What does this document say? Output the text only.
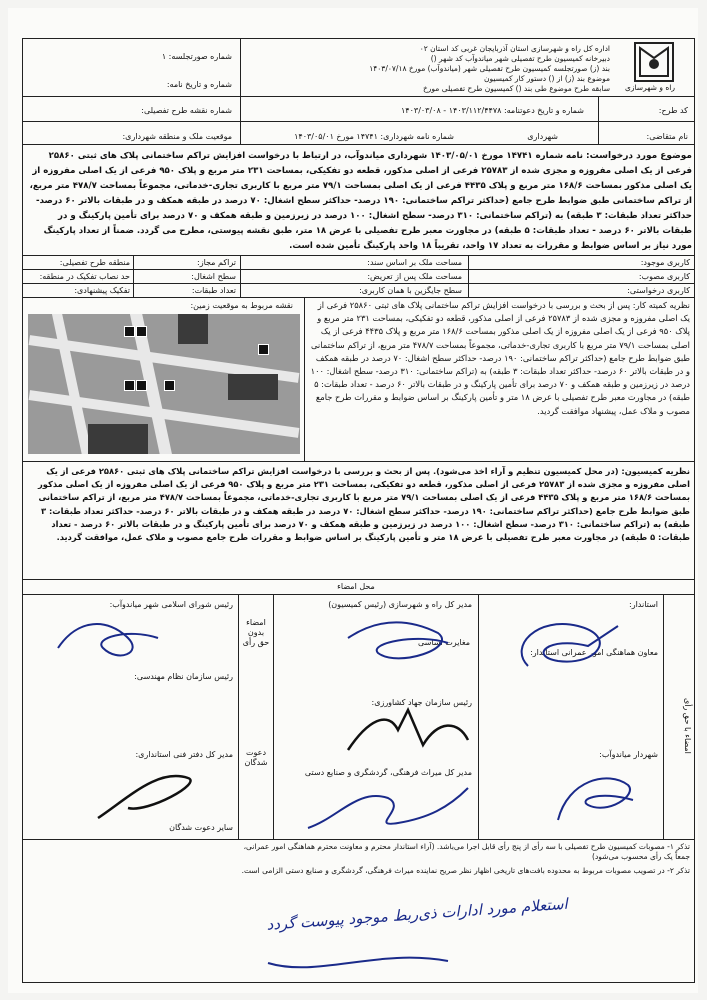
راه و شهرسازی
اداره کل راه و شهرسازی استان آذربایجان غربی کد استان ۰۲
دبیرخانه کمیسیون طرح تفصیلی شهر میاندوآب کد شهر ()
بند (ز) صورتجلسه کمیسیون طرح تفصیلی شهر (میاندوآب) مورخ ۱۴۰۳/۰۷/۱۸
موضوع بند (ز) از () دستور کار کمیسیون
سابقه طرح موضوع طی بند () کمیسیون طرح تفصیلی مورخ
شماره صورتجلسه: ۱
شماره و تاریخ نامه:
شماره نقشه طرح تفصیلی:
موقعیت ملک و منطقه شهرداری:
کد طرح:
شماره و تاریخ دعوتنامه: ۱۴۰۳/۱۱۲/۴۴۷۸ - ۱۴۰۳/۰۳/۰۸
نام متقاضی:
شهرداری
شماره نامه شهرداری: ۱۴۷۴۱ مورخ ۱۴۰۳/۰۵/۰۱
موضوع مورد درخواست: نامه شماره ۱۴۷۴۱ مورخ ۱۴۰۳/۰۵/۰۱ شهرداری میاندوآب، در ارتباط با درخواست افزایش تراکم ساختمانی پلاک های ثبتی ۲۵۸۶۰ فرعی از یک اصلی مفروزه و مجزی شده از ۲۵۷۸۳ فرعی از اصلی مذکور، قطعه دو تفکیکی، بمساحت ۲۳۱ متر مربع و پلاک ۹۵۰ فرعی از یک اصلی مفروزه از یک اصلی مذکور بمساحت ۱۶۸/۶ متر مربع و پلاک ۴۴۳۵ فرعی از یک اصلی بمساحت ۷۹/۱ متر مربع با کاربری تجاری-خدماتی، مجموعاً بمساحت ۴۷۸/۷ متر مربع، از تراکم ساختمانی طبق ضوابط طرح جامع (حداکثر تراکم ساختمانی: ۱۹۰ درصد- حداکثر سطح اشغال: ۷۰ درصد در طبقه همکف و در طبقات بالاتر ۶۰ درصد- حداکثر تعداد طبقات: ۳ طبقه) به (تراکم ساختمانی: ۳۱۰ درصد- سطح اشغال: ۱۰۰ درصد در زیرزمین و طبقه همکف و ۷۰ درصد برای تأمین پارکینگ و در طبقات بالاتر ۶۰ درصد - تعداد طبقات: ۵ طبقه) در مجاورت معبر طرح تفصیلی با عرض ۱۸ متر، طبق نقشه پیوستی، مطرح می گردد. ضمناً از تعداد پارکینگ مورد نیاز بر اساس ضوابط و مقررات به تعداد ۱۷ واحد، تقریباً ۱۸ واحد پارکینگ تأمین شده است.
کاربری موجود:
کاربری مصوب:
کاربری درخواستی:
مساحت ملک بر اساس سند:
مساحت ملک پس از تعریض:
سطح جایگزین با همان کاربری:
تراکم مجاز:
سطح اشغال:
تعداد طبقات:
منطقه طرح تفصیلی:
حد نصاب تفکیک در منطقه:
تفکیک پیشنهادی:
نقشه مربوط به موقعیت زمین:	نظریه کمیته کار: پس از بحث و بررسی با درخواست افزایش تراکم ساختمانی پلاک های ثبتی ۲۵۸۶۰ فرعی از یک اصلی مفروزه و مجزی شده از ۲۵۷۸۳ فرعی از اصلی مذکور، قطعه دو تفکیکی، بمساحت ۲۳۱ متر مربع و پلاک ۹۵۰ فرعی از یک اصلی مفروزه از یک اصلی مذکور بمساحت ۱۶۸/۶ متر مربع و پلاک ۴۴۳۵ فرعی از یک اصلی بمساحت ۷۹/۱ متر مربع با کاربری تجاری-خدماتی، مجموعاً بمساحت ۴۷۸/۷ متر مربع، از تراکم ساختمانی طبق ضوابط طرح جامع (حداکثر تراکم ساختمانی: ۱۹۰ درصد- حداکثر سطح اشغال: ۷۰ درصد در طبقه همکف و در طبقات بالاتر ۶۰ درصد- حداکثر تعداد طبقات: ۳ طبقه) به (تراکم ساختمانی: ۳۱۰ درصد- سطح اشغال: ۱۰۰ درصد در زیرزمین و طبقه همکف و ۷۰ درصد برای تأمین پارکینگ و در طبقات بالاتر ۶۰ درصد - تعداد طبقات: ۵ طبقه) در مجاورت معبر طرح تفصیلی با عرض ۱۸ متر و تأمین پارکینگ بر اساس ضوابط و مقررات طرح جامع مصوب و ملاک عمل، پیشنهاد موافقت گردید.
نظریه کمیسیون: (در محل کمیسیون تنظیم و آراء اخذ می‌شود). پس از بحث و بررسی با درخواست افزایش تراکم ساختمانی پلاک های ثبتی ۲۵۸۶۰ فرعی از یک اصلی مفروزه و مجزی شده از ۲۵۷۸۳ فرعی از اصلی مذکور، قطعه دو تفکیکی، بمساحت ۲۳۱ متر مربع و پلاک ۹۵۰ فرعی از یک اصلی مفروزه از یک اصلی مذکور بمساحت ۱۶۸/۶ متر مربع و پلاک ۴۴۳۵ فرعی از یک اصلی بمساحت ۷۹/۱ متر مربع با کاربری تجاری-خدماتی، مجموعاً بمساحت ۴۷۸/۷ متر مربع، از تراکم ساختمانی طبق ضوابط طرح جامع (حداکثر تراکم ساختمانی: ۱۹۰ درصد- حداکثر سطح اشغال: ۷۰ درصد در طبقه همکف و در طبقات بالاتر ۶۰ درصد- حداکثر تعداد طبقات: ۳ طبقه) به (تراکم ساختمانی: ۳۱۰ درصد- سطح اشغال: ۱۰۰ درصد در زیرزمین و طبقه همکف و ۷۰ درصد برای تأمین پارکینگ و در طبقات بالاتر ۶۰ درصد - تعداد طبقات: ۵ طبقه) در مجاورت معبر طرح تفصیلی با عرض ۱۸ متر و تأمین پارکینگ بر اساس ضوابط و مقررات طرح جامع مصوب و ملاک عمل، موافقت گردید.
محل امضاء
استاندار:
معاون هماهنگی امور عمرانی استاندار:
شهردار میاندوآب:
مدیر کل راه و شهرسازی (رئیس کمیسیون)
مغایرت اساسی
رئیس سازمان جهاد کشاورزی:
مدیر کل میراث فرهنگی، گردشگری و صنایع دستی
رئیس شورای اسلامی شهر میاندوآب:
رئیس سازمان نظام مهندسی:
مدیر کل دفتر فنی استانداری:
سایر دعوت شدگان
امضاء بدون حق رأی
دعوت شدگان
امضاء با حق رأی
تذکر ۱- مصوبات کمیسیون طرح تفصیلی با سه رأی از پنج رأی قابل اجرا می‌باشد. (آراء استاندار محترم و معاونت محترم هماهنگی امور عمرانی، جمعاً یک رأی محسوب می‌شود)
تذکر ۲- در تصویب مصوبات مربوط به محدوده بافت‌های تاریخی اظهار نظر صریح نماینده میراث فرهنگی، گردشگری و صنایع دستی الزامی است.
استعلام مورد ادارات ذی‌ربط موجود پیوست گردد
